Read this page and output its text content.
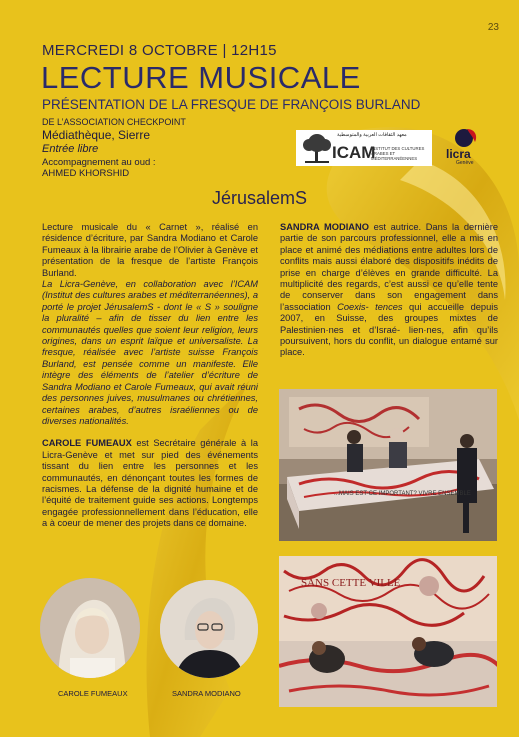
23
MERCREDI 8 OCTOBRE | 12H15
LECTURE MUSICALE
PRÉSENTATION DE LA FRESQUE DE FRANÇOIS BURLAND
DE L’ASSOCIATION CHECKPOINT
Médiathèque, Sierre
Entrée libre
Accompagnement au oud :
AHMED KHORSHID
معهد الثقافات العربية والمتوسطية
ICAM
INSTITUT DES CULTURES
ARABES ET MÉDITERRANÉENNES	licra
Genève
JérusalemS

Lecture musicale du « Carnet », réalisé en résidence d’écriture, par Sandra Modiano et Carole Fumeaux à la librairie arabe de l’Olivier à Genève et présentation de la fresque de l’artiste François Burland.

La Licra-Genève, en collaboration avec l’ICAM (Institut des cultures arabes et méditerranéennes), a porté le projet JérusalemS - dont le « S » souligne la pluralité – afin de tisser du lien entre les communautés quelles que soient leur religion, leurs origines, dans un esprit laïque et universaliste. La fresque, réalisée avec l’artiste suisse François Burland, est pensée comme un manifeste. Elle intègre des éléments de l’atelier d’écriture de Sandra Modiano et Carole Fumeaux, qui avait réuni des personnes juives, musulmanes ou chrétiennes, certaines arabes, d’autres israéliennes ou de diverses nationalités.

CAROLE FUMEAUX est Secrétaire générale à la Licra-Genève et met sur pied des événements tissant du lien entre les personnes et les communautés, en dénonçant toutes les formes de racismes. La défense de la dignité humaine et de l’équité de traitement guide ses actions. Longtemps engagée professionnellement dans l’éducation, elle a à coeur de mener des projets dans ce domaine.

SANDRA MODIANO est autrice. Dans la dernière partie de son parcours professionnel, elle a mis en place et animé des médiations entre adultes lors de conflits mais aussi élaboré des dispositifs inédits de prise en charge d’élèves en grande difficulté. La multiplicité des regards, c’est aussi ce qu’elle tente de conserver dans son engagement dans l’association Coexis- tences qui accueille depuis 2007, en Suisse, des groupes mixtes de Palestinien·nes et d’Israé- lien·nes, afin qu’ils poursuivent, hors du conflit, un dialogue entamé sur place.

...MAIS EST-CE IMPORTANT? VIVRE ENSEMBLE
SANS CETTE VILLE
CAROLE FUMEAUX	SANDRA MODIANO
